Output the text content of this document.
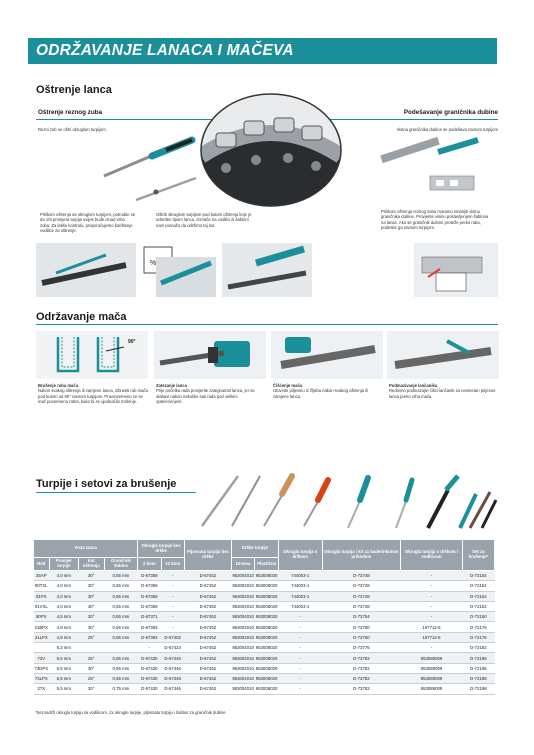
ODRŽAVANJE LANACA I MAČEVA
Oštrenje lanca
Oštrenje reznog zuba	Podešavanje graničnika dubine
Rezni zub se oštri okruglom turpijom.	Visina graničnika dubine se podešava ravnom turpijom
Prilikom oštrenja sa okruglom turpijom, potrudite se da 1/5 promjera turpije uvijek bude iznad vrha zuba. Za lakšu kontrolu, preporučujemo korištenje vodilice za oštrenje.
Oštriti okruglom turpijom pod kutom oštrenja koje je određen tipom lanca. Označe na vodilici ili šabloni nam pomažu da održimo taj kut.
Prilikom oštrenja reznog zuba moramo smanjiti visinu graničnika dubine. Provjerite visinu postavljenjem šablona na lanac. Ako se graničnik dubine proteže preko ruba, podesite ga ravnom turpijom.
%
Održavanje mača
90°
Brušenje ruba mača
Nakon svakog oštrenja ili zamjene lanca, izbrusiti rub mača pod kutom od 90° ravnom turpijom. Pravovremeno će se mač povremeno rotira, kako bi se ujednačilo trošenje.
Zatezanje lanca
Prije početka rada provjerite zategnutost lanca, jer se olabavi nakon nekoliko sati rada pod velikim opterećenjem.
Čišćenje mača
Utovnite piljevinu iz žljeba nakon svakog oštrenja ili zamjene lanca.
Podmazivanje lančanika
Redovno podmazujte čišći lančanik za nesmetan prijenos lanca preko vrha mača.
Turpije i setovi za brušenje
Vrsta lanca				Okrugle turpije bez drške		Pljosnata turpija bez drške	Drške turpije		Okrugla turpija s drškom	Okrugla turpija i kit za baderinkutom pribodom	Okrugla turpija s drškom i vodilicom	Set za brušenje*
Red	Promjer turpije	Kut oštrenja	Graničnik dubine	2 kom	12 kom		Drvena	Plastična				
25AP	4,0 mm	30°	0,65 mm	D-67359	-	D-67452	953004010	953008020	744003-1	D-73748	-	D-72154
80TXL	4,0 mm	30°	0,65 mm	D-67359	-	D-67452	953004010	953008020	744003-1	D-73748	-	D-72154
91PX	4,0 mm	30°	0,65 mm	D-67359	-	D-67452	953004010	953008020	744003-1	D-73748	-	D-72154
91VXL	4,0 mm	30°	0,65 mm	D-67359	-	D-67452	953004010	953008020	744003-1	D-73748	-	D-72154
90PX	4,5 mm	30°	0,65 mm	D-67371	-	D-67452	953004010	953008020	-	D-73754	-	D-72160
21BPX	4,8 mm	30°	0,65 mm	D-67393	-	D-67452	953004010	953008020	-	D-73760	197712-5	D-72176
21LPX	4,8 mm	25°	0,65 mm	D-67393	D-67402	D-67452	953004010	953008020	-	D-73760	197712-5	D-72176
	5,2 mm			-	D-67424	D-67452	953004010	953008020	-	D-73776	-	D-72182
72V	5,5 mm	25°	0,65 mm	D-67430	D-67446	D-67452	953004010	953008020	-	D-73782	953089009	D-72198
73DPX	5,5 mm	30°	0,65 mm	D-67430	D-67446	D-67452	953004010	953008020	-	D-73782	953089009	D-72198
73LPX	5,5 mm	25°	0,65 mm	D-67430	D-67446	D-67452	953004010	953008020	-	D-73782	953089009	D-72198
27X	5,5 mm	30°	0,75 mm	D-67430	D-67446	D-67452	953004010	953008020	-	D-73782	953089009	D-72198
*Set sadrži okruglu turpiju sa vodilicom, 2x okrugle turpije, pljosnatu turpiju i šablon za graničnik dubine
